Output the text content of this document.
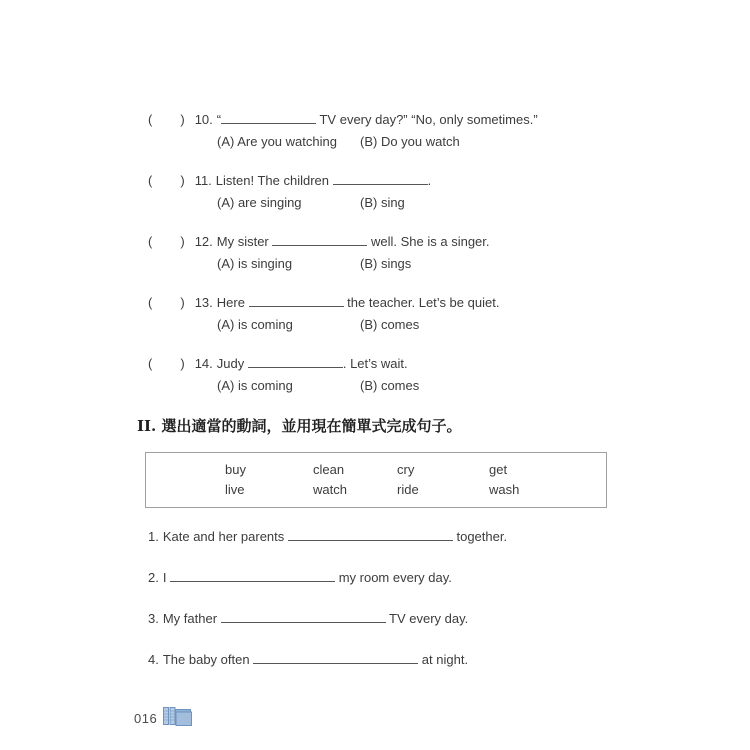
( ) 10. “	TV every day?” “No, only sometimes.”
(A) Are you watching (B) Do you watch
( ) 11. Listen! The children	.
(A) are singing	(B) sing
( ) 12. My sister	well. She is a singer.
(A) is singing	(B) sings
( ) 13. Here	the teacher. Let’s be quiet.
(A) is coming	(B) comes
( ) 14. Judy	. Let’s wait.
(A) is coming	(B) comes
II. 選出適當的動詞，並用現在簡單式完成句子。
buy	clean	cry	get
live	watch	ride	wash
1. Kate and her parents	together.
2. I	my room every day.
3. My father	TV every day.
4. The baby often	at night.
016
